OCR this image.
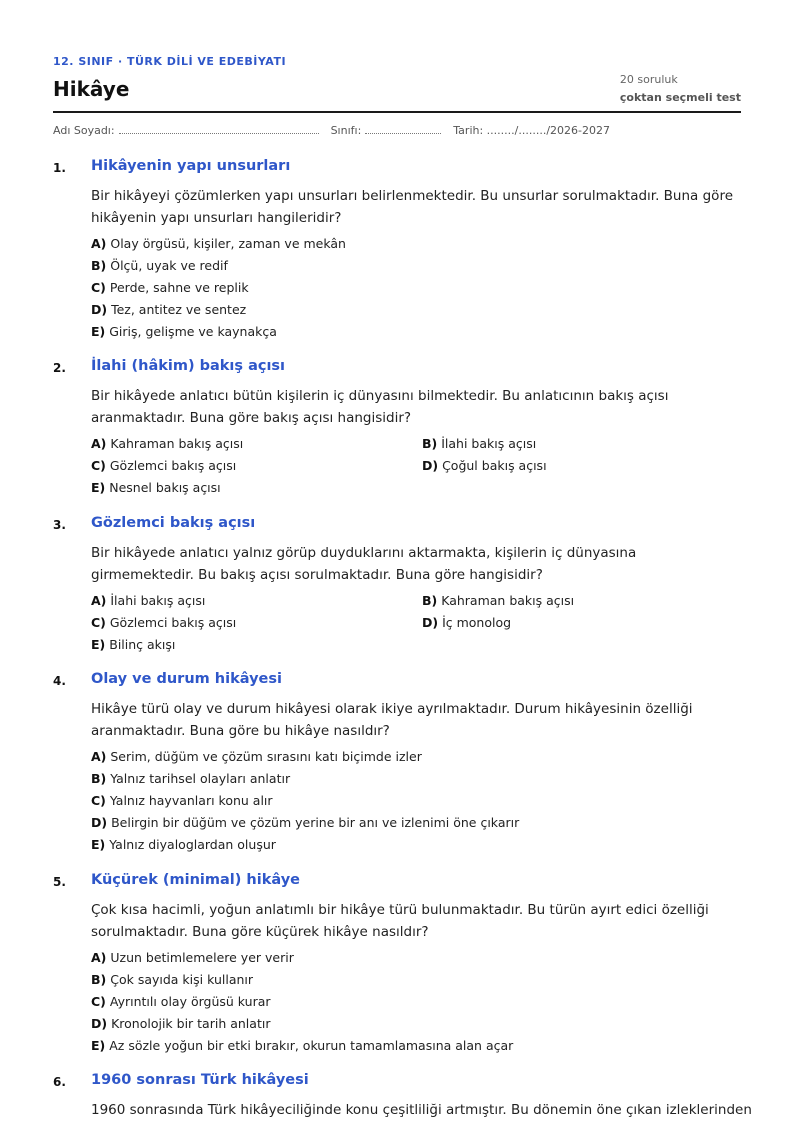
12. SINIF · TÜRK DİLİ VE EDEBİYATI
Hikâye	20 soruluk
çoktan seçmeli test
Adı Soyadı:	Sınıfı:	Tarih: ......../......../2026-2027
1. Hikâyenin yapı unsurları
Bir hikâyeyi çözümlerken yapı unsurları belirlenmektedir. Bu unsurlar sorulmaktadır. Buna göre hikâyenin yapı unsurları hangileridir?
A) Olay örgüsü, kişiler, zaman ve mekân
B) Ölçü, uyak ve redif
C) Perde, sahne ve replik
D) Tez, antitez ve sentez
E) Giriş, gelişme ve kaynakça
2. İlahi (hâkim) bakış açısı
Bir hikâyede anlatıcı bütün kişilerin iç dünyasını bilmektedir. Bu anlatıcının bakış açısı aranmaktadır. Buna göre bakış açısı hangisidir?
A) Kahraman bakış açısı	B) İlahi bakış açısı
C) Gözlemci bakış açısı	D) Çoğul bakış açısı
E) Nesnel bakış açısı
3. Gözlemci bakış açısı
Bir hikâyede anlatıcı yalnız görüp duyduklarını aktarmakta, kişilerin iç dünyasına girmemektedir. Bu bakış açısı sorulmaktadır. Buna göre hangisidir?
A) İlahi bakış açısı	B) Kahraman bakış açısı
C) Gözlemci bakış açısı	D) İç monolog
E) Bilinç akışı
4. Olay ve durum hikâyesi
Hikâye türü olay ve durum hikâyesi olarak ikiye ayrılmaktadır. Durum hikâyesinin özelliği aranmaktadır. Buna göre bu hikâye nasıldır?
A) Serim, düğüm ve çözüm sırasını katı biçimde izler
B) Yalnız tarihsel olayları anlatır
C) Yalnız hayvanları konu alır
D) Belirgin bir düğüm ve çözüm yerine bir anı ve izlenimi öne çıkarır
E) Yalnız diyaloglardan oluşur
5. Küçürek (minimal) hikâye
Çok kısa hacimli, yoğun anlatımlı bir hikâye türü bulunmaktadır. Bu türün ayırt edici özelliği sorulmaktadır. Buna göre küçürek hikâye nasıldır?
A) Uzun betimlemelere yer verir
B) Çok sayıda kişi kullanır
C) Ayrıntılı olay örgüsü kurar
D) Kronolojik bir tarih anlatır
E) Az sözle yoğun bir etki bırakır, okurun tamamlamasına alan açar
6. 1960 sonrası Türk hikâyesi
1960 sonrasında Türk hikâyeciliğinde konu çeşitliliği artmıştır. Bu dönemin öne çıkan izleklerinden
